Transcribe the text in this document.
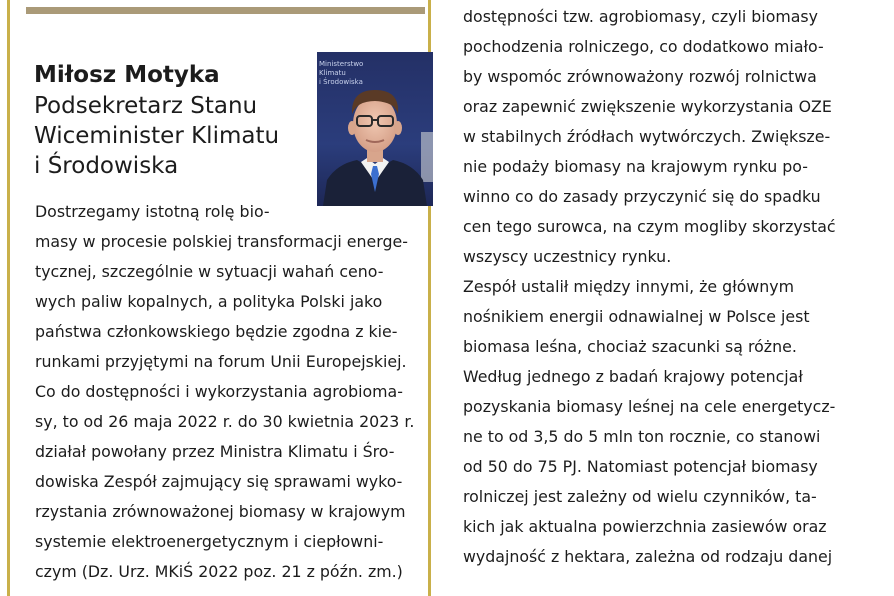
Miłosz Motyka
Podsekretarz Stanu
Wiceminister Klimatu
i Środowiska
Ministerstwo
Klimatu
i Środowiska
Dostrzegamy istotną rolę bio-
masy w procesie polskiej transformacji energe-
tycznej, szczególnie w sytuacji wahań ceno-
wych paliw kopalnych, a polityka Polski jako
państwa członkowskiego będzie zgodna z kie-
runkami przyjętymi na forum Unii Europejskiej.
Co do dostępności i wykorzystania agrobioma-
sy, to od 26 maja 2022 r. do 30 kwietnia 2023 r.
działał powołany przez Ministra Klimatu i Śro-
dowiska Zespół zajmujący się sprawami wyko-
rzystania zrównoważonej biomasy w krajowym
systemie elektroenergetycznym i ciepłowni-
czym (Dz. Urz. MKiŚ 2022 poz. 21 z późn. zm.)
dostępności tzw. agrobiomasy, czyli biomasy
pochodzenia rolniczego, co dodatkowo miało-
by wspomóc zrównoważony rozwój rolnictwa
oraz zapewnić zwiększenie wykorzystania OZE
w stabilnych źródłach wytwórczych. Zwiększe-
nie podaży biomasy na krajowym rynku po-
winno co do zasady przyczynić się do spadku
cen tego surowca, na czym mogliby skorzystać
wszyscy uczestnicy rynku.
Zespół ustalił między innymi, że głównym
nośnikiem energii odnawialnej w Polsce jest
biomasa leśna, chociaż szacunki są różne.
Według jednego z badań krajowy potencjał
pozyskania biomasy leśnej na cele energetycz-
ne to od 3,5 do 5 mln ton rocznie, co stanowi
od 50 do 75 PJ. Natomiast potencjał biomasy
rolniczej jest zależny od wielu czynników, ta-
kich jak aktualna powierzchnia zasiewów oraz
wydajność z hektara, zależna od rodzaju danej
